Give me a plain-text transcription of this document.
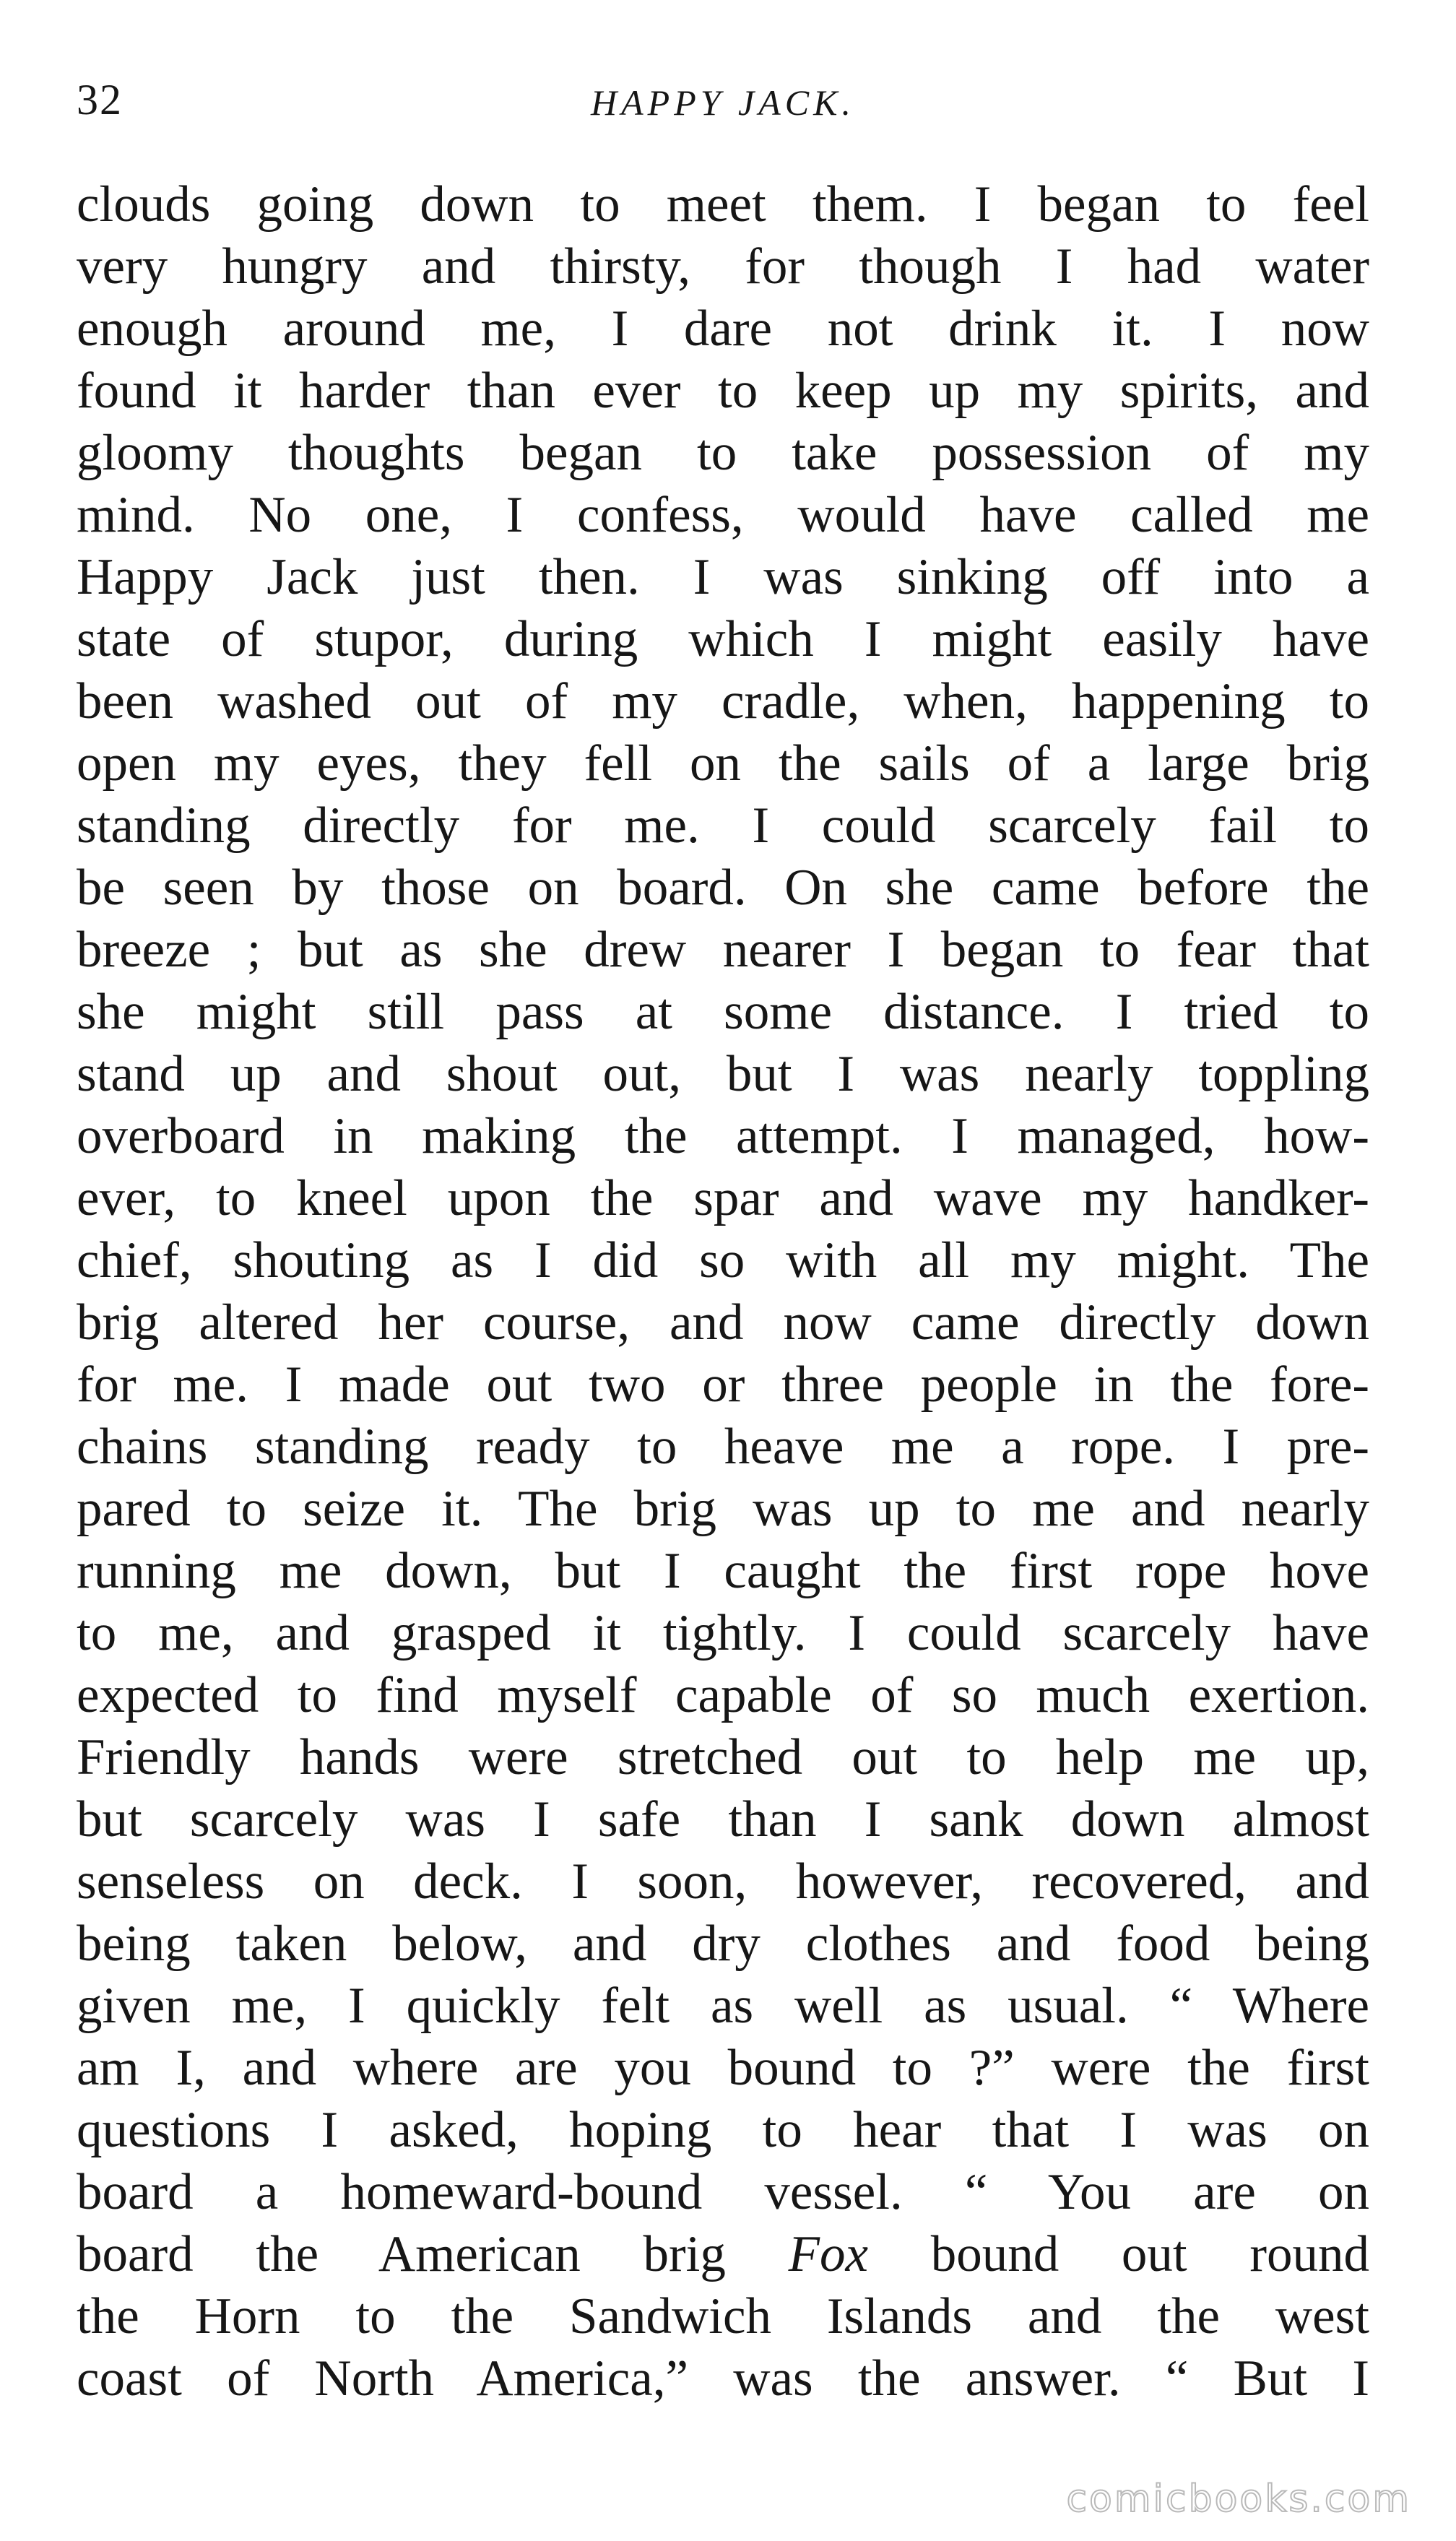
32	HAPPY JACK.
clouds going down to meet them. I began to feel
very hungry and thirsty, for though I had water
enough around me, I dare not drink it. I now
found it harder than ever to keep up my spirits, and
gloomy thoughts began to take possession of my
mind. No one, I confess, would have called me
Happy Jack just then. I was sinking off into a
state of stupor, during which I might easily have
been washed out of my cradle, when, happening to
open my eyes, they fell on the sails of a large brig
standing directly for me. I could scarcely fail to
be seen by those on board. On she came before the
breeze ; but as she drew nearer I began to fear that
she might still pass at some distance. I tried to
stand up and shout out, but I was nearly toppling
overboard in making the attempt. I managed, how-
ever, to kneel upon the spar and wave my handker-
chief, shouting as I did so with all my might. The
brig altered her course, and now came directly down
for me. I made out two or three people in the fore-
chains standing ready to heave me a rope. I pre-
pared to seize it. The brig was up to me and nearly
running me down, but I caught the first rope hove
to me, and grasped it tightly. I could scarcely have
expected to find myself capable of so much exertion.
Friendly hands were stretched out to help me up,
but scarcely was I safe than I sank down almost
senseless on deck. I soon, however, recovered, and
being taken below, and dry clothes and food being
given me, I quickly felt as well as usual. “ Where
am I, and where are you bound to ?” were the first
questions I asked, hoping to hear that I was on
board a homeward-bound vessel. “ You are on
board the American brig Fox bound out round
the Horn to the Sandwich Islands and the west
coast of North America,” was the answer. “ But I
comicbooks.com
